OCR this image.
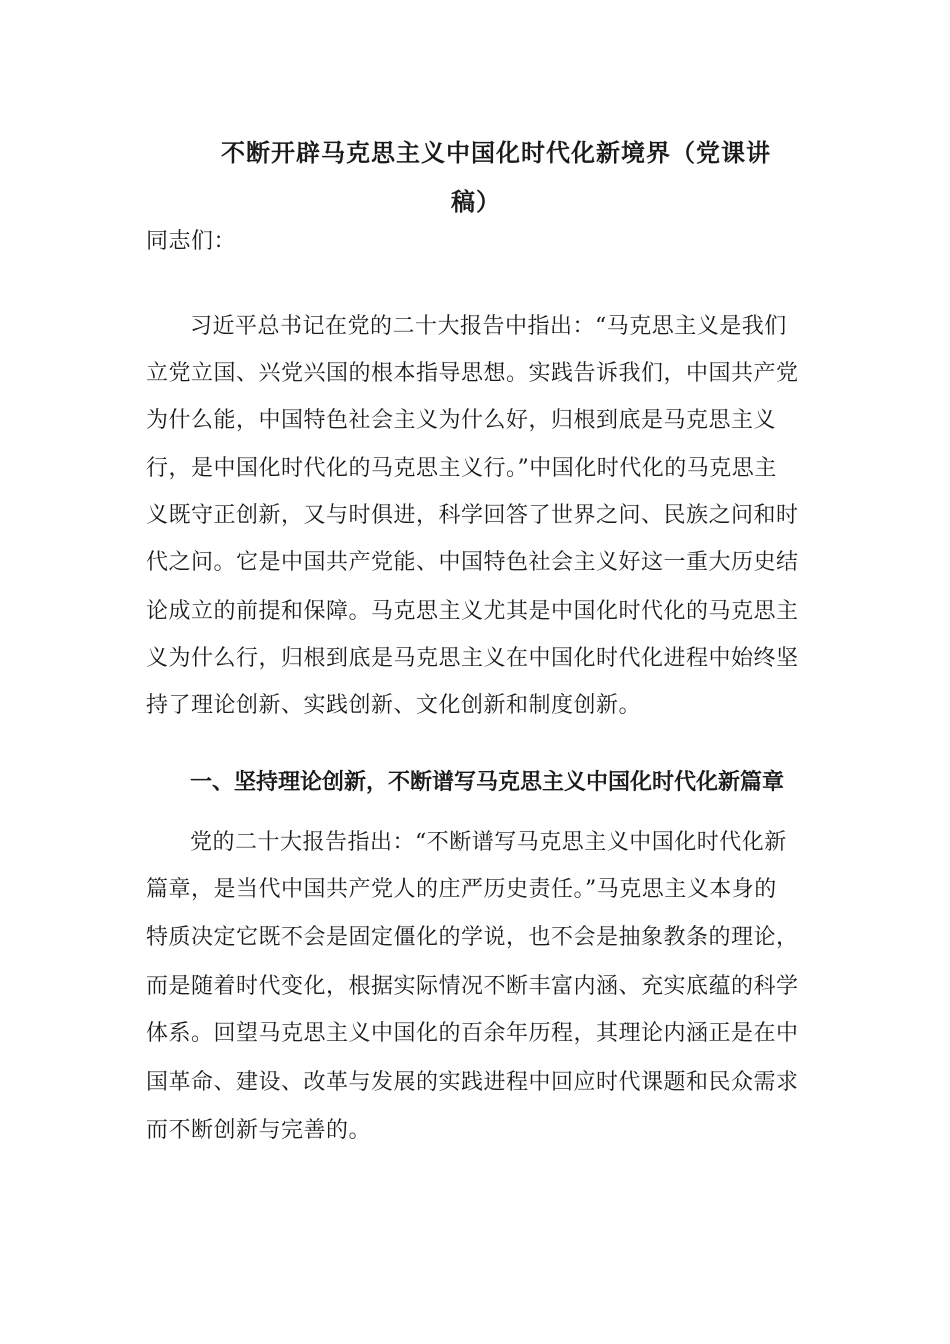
不断开辟马克思主义中国化时代化新境界（党课讲
稿）

同志们：

习近平总书记在党的二十大报告中指出：“马克思主义是我们

立党立国、兴党兴国的根本指导思想。实践告诉我们，中国共产党

为什么能，中国特色社会主义为什么好，归根到底是马克思主义

行，是中国化时代化的马克思主义行。”中国化时代化的马克思主

义既守正创新，又与时俱进，科学回答了世界之问、民族之问和时

代之问。它是中国共产党能、中国特色社会主义好这一重大历史结

论成立的前提和保障。马克思主义尤其是中国化时代化的马克思主

义为什么行，归根到底是马克思主义在中国化时代化进程中始终坚

持了理论创新、实践创新、文化创新和制度创新。

一、坚持理论创新，不断谱写马克思主义中国化时代化新篇章

党的二十大报告指出：“不断谱写马克思主义中国化时代化新

篇章，是当代中国共产党人的庄严历史责任。”马克思主义本身的

特质决定它既不会是固定僵化的学说，也不会是抽象教条的理论，

而是随着时代变化，根据实际情况不断丰富内涵、充实底蕴的科学

体系。回望马克思主义中国化的百余年历程，其理论内涵正是在中

国革命、建设、改革与发展的实践进程中回应时代课题和民众需求

而不断创新与完善的。
